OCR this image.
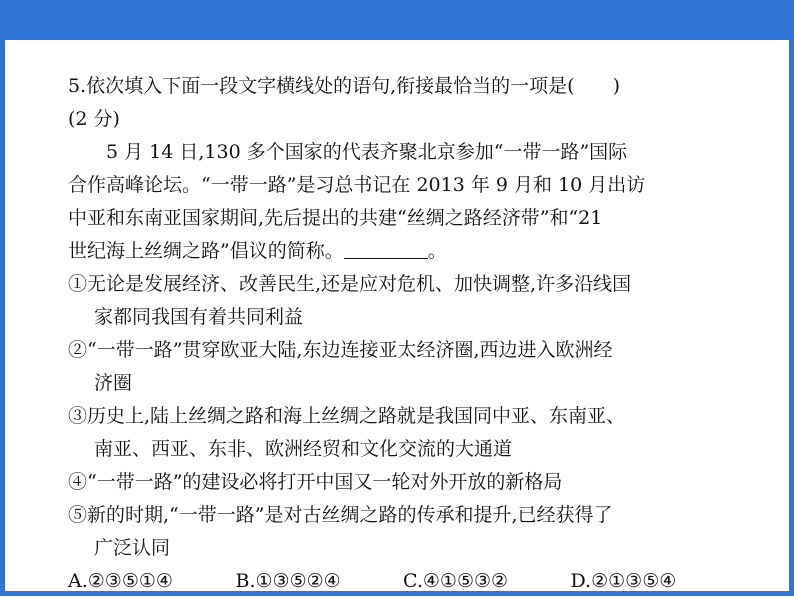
5.依次填入下面一段文字横线处的语句,衔接最恰当的一项是(　　)
(2 分)
5 月 14 日,130 多个国家的代表齐聚北京参加“一带一路”国际
合作高峰论坛。“一带一路”是习总书记在 2013 年 9 月和 10 月出访
中亚和东南亚国家期间,先后提出的共建“丝绸之路经济带”和“21
世纪海上丝绸之路”倡议的简称。	。
①无论是发展经济、改善民生,还是应对危机、加快调整,许多沿线国
家都同我国有着共同利益
②“一带一路”贯穿欧亚大陆,东边连接亚太经济圈,西边进入欧洲经
济圈
③历史上,陆上丝绸之路和海上丝绸之路就是我国同中亚、东南亚、
南亚、西亚、东非、欧洲经贸和文化交流的大通道
④“一带一路”的建设必将打开中国又一轮对外开放的新格局
⑤新的时期,“一带一路”是对古丝绸之路的传承和提升,已经获得了
广泛认同
A.②③⑤①④	B.①③⑤②④	C.④①⑤③②	D.②①③⑤④
